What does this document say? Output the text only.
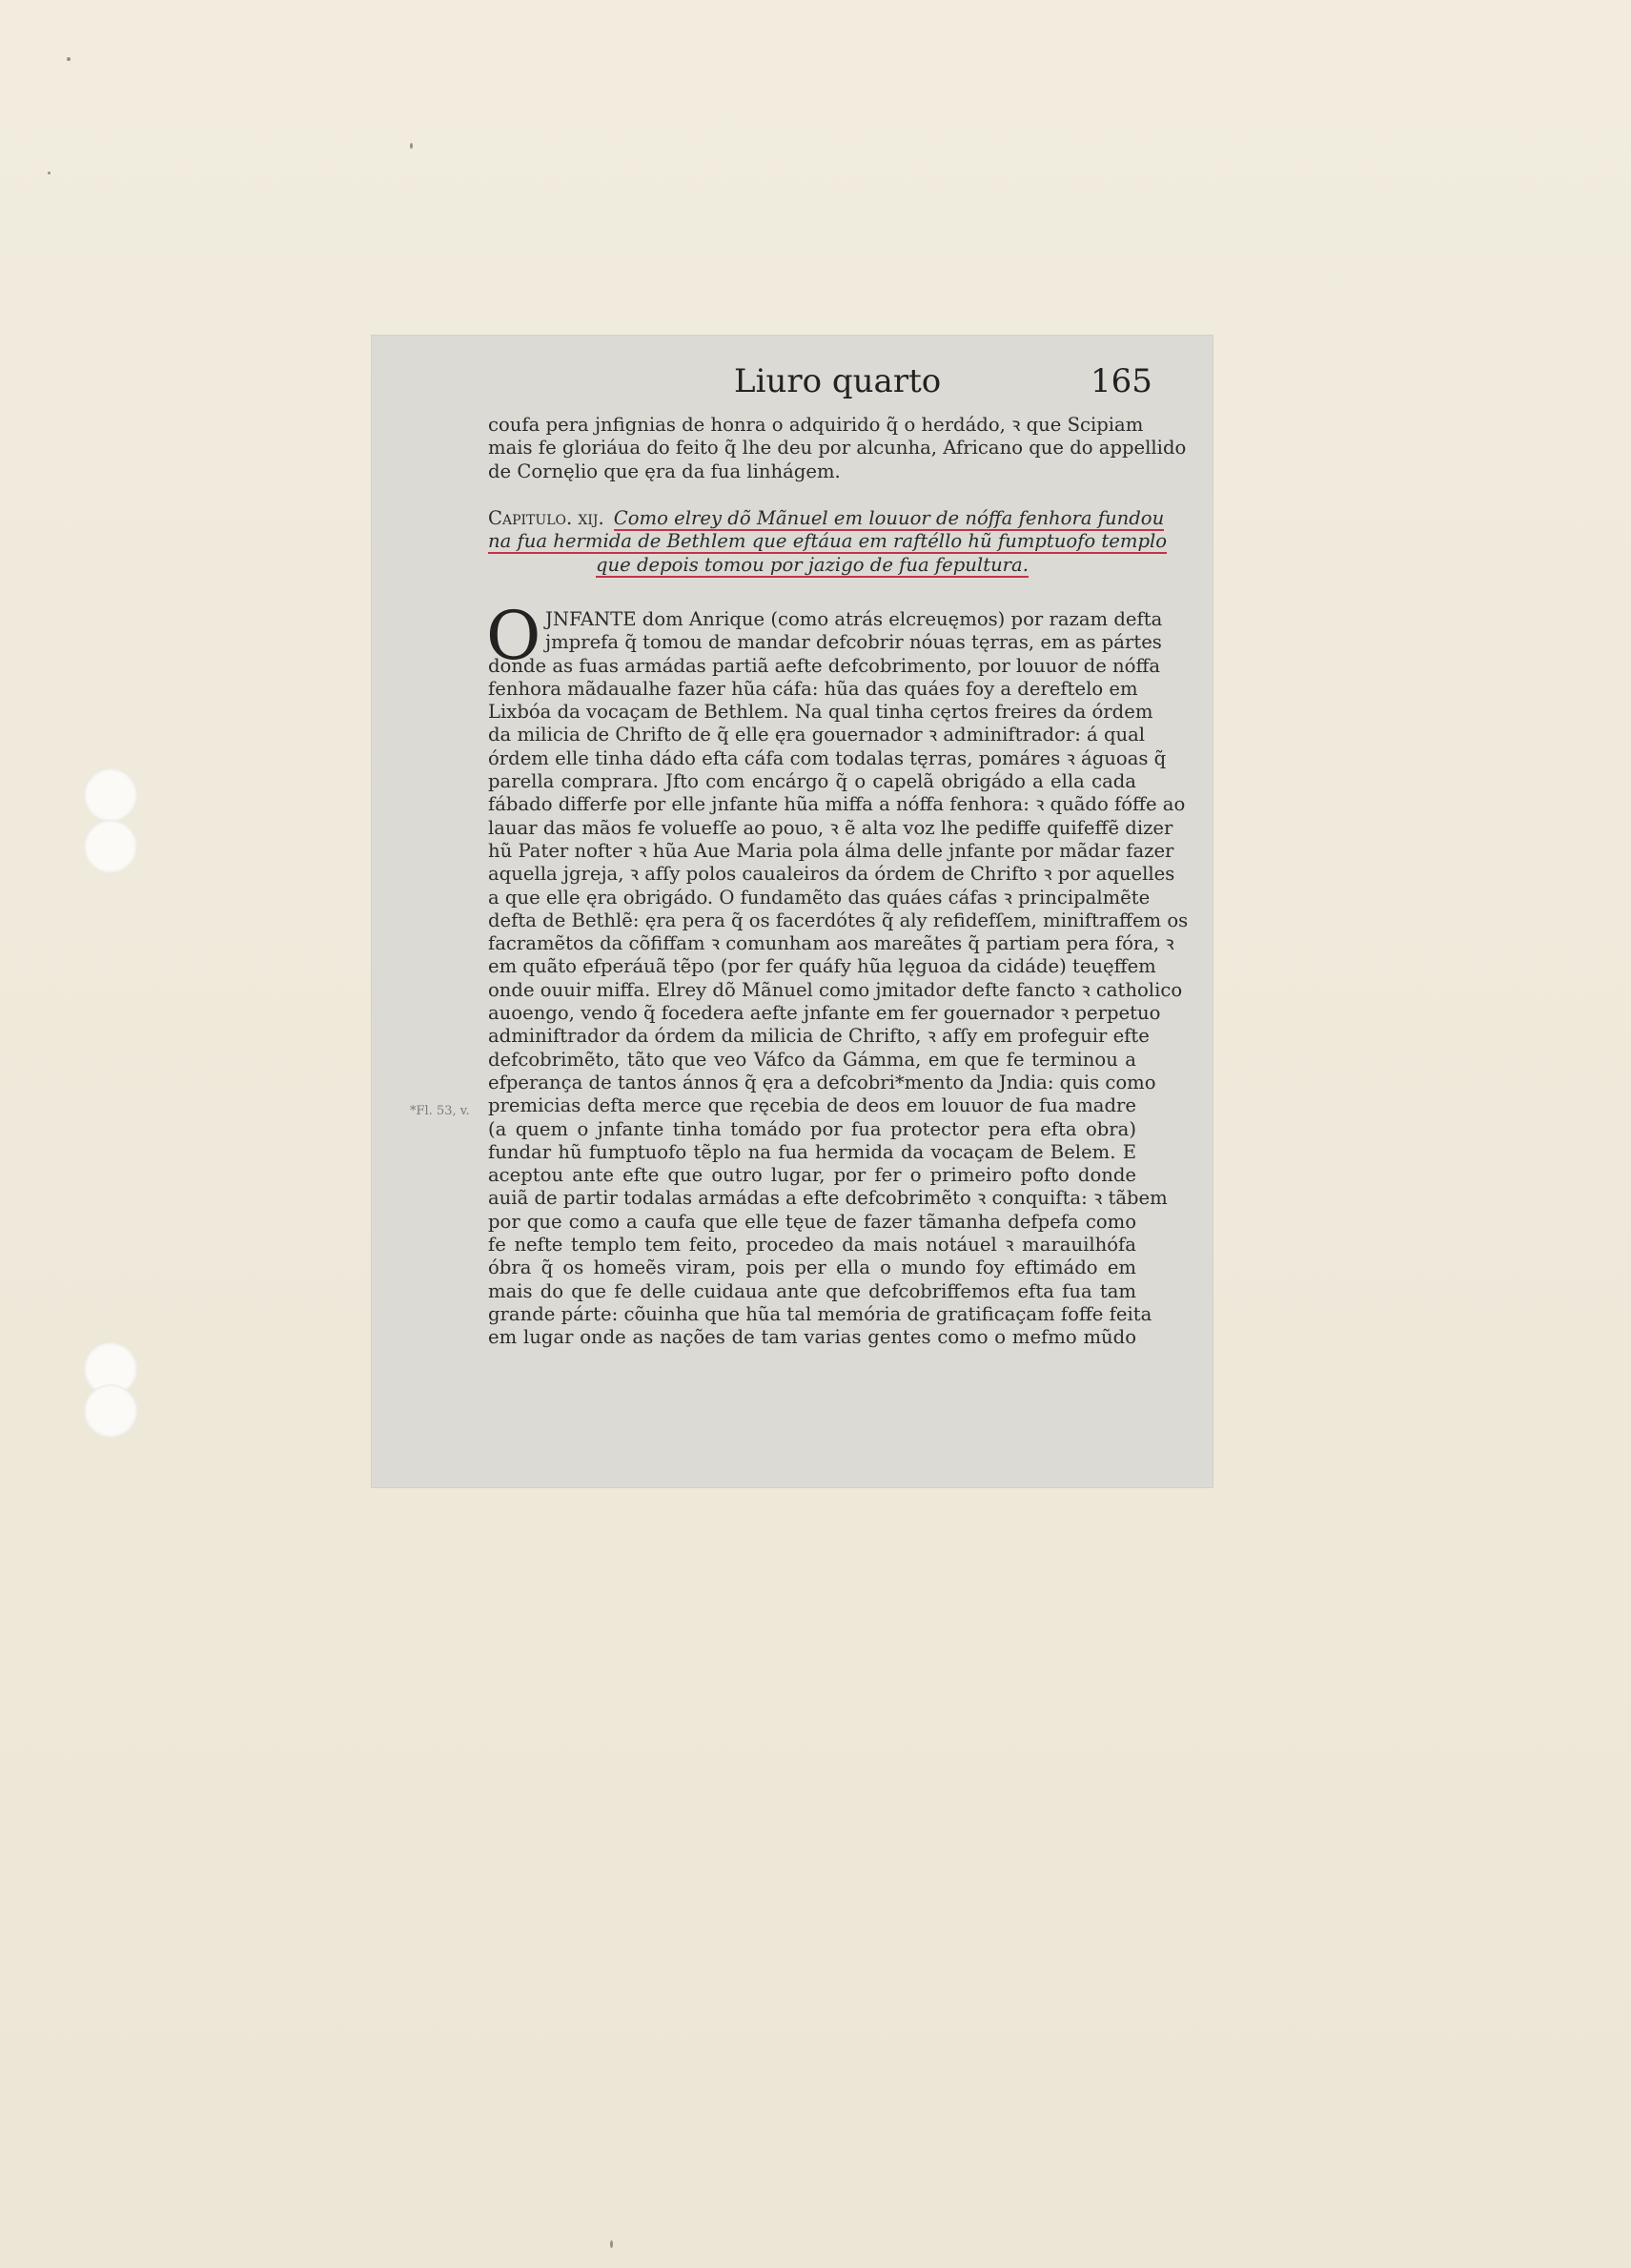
Liuro quarto	165
coufa pera jnfignias de honra o adquirido q̃ o herdádo, ꝛ que Scipiam
mais fe gloriáua do feito q̃ lhe deu por alcunha, Africano que do appellido
de Cornęlio que ęra da fua linhágem.
Capitulo. xij. Como elrey dõ Mãnuel em louuor de nóffa fenhora fundou
na fua hermida de Bethlem que eftáua em raftéllo hũ fumptuofo templo
que depois tomou por jazigo de fua fepultura.
O JNFANTE dom Anrique (como atrás elcreuęmos) por razam defta
jmprefa q̃ tomou de mandar defcobrir nóuas tęrras, em as pártes
donde as fuas armádas partiã aefte defcobrimento, por louuor de nóffa
fenhora mãdaualhe fazer hũa cáfa: hũa das quáes foy a dereftelo em
Lixbóa da vocaçam de Bethlem. Na qual tinha cęrtos freires da órdem
da milicia de Chrifto de q̃ elle ęra gouernador ꝛ adminiftrador: á qual
órdem elle tinha dádo efta cáfa com todalas tęrras, pomáres ꝛ águoas q̃
parella comprara. Jfto com encárgo q̃ o capelã obrigádo a ella cada
fábado differfe por elle jnfante hũa miffa a nóffa fenhora: ꝛ quãdo fóffe ao
lauar das mãos fe voluefſe ao pouo, ꝛ ẽ alta voz lhe pediffe quifeffẽ dizer
hũ Pater nofter ꝛ hũa Aue Maria pola álma delle jnfante por mãdar fazer
aquella jgreja, ꝛ afſy polos caualeiros da órdem de Chrifto ꝛ por aquelles
a que elle ęra obrigádo. O fundamẽto das quáes cáfas ꝛ principalmẽte
defta de Bethlẽ: ęra pera q̃ os facerdótes q̃ aly refidefſem, miniftraffem os
facramẽtos da cõfiffam ꝛ comunham aos mareãtes q̃ partiam pera fóra, ꝛ
em quãto efperáuã tẽpo (por fer quáfy hũa lęguoa da cidáde) teuęffem
onde ouuir miffa. Elrey dõ Mãnuel como jmitador defte fancto ꝛ catholico
auoengo, vendo q̃ focedera aefte jnfante em fer gouernador ꝛ perpetuo
adminiftrador da órdem da milicia de Chrifto, ꝛ afſy em profeguir efte
defcobrimẽto, tãto que veo Váfco da Gámma, em que fe terminou a
efperança de tantos ánnos q̃ ęra a defcobri*mento da Jndia: quis como
premicias defta merce que ręcebia de deos em louuor de fua madre
(a quem o jnfante tinha tomádo por fua protector pera efta obra)
fundar hũ fumptuofo tẽplo na fua hermida da vocaçam de Belem. E
aceptou ante efte que outro lugar, por fer o primeiro pofto donde
auiã de partir todalas armádas a efte defcobrimẽto ꝛ conquifta: ꝛ tãbem
por que como a caufa que elle tęue de fazer tãmanha defpefa como
fe nefte templo tem feito, procedeo da mais notáuel ꝛ marauilhófa
óbra q̃ os homeẽs viram, pois per ella o mundo foy eftimádo em
mais do que fe delle cuidaua ante que defcobriffemos efta fua tam
grande párte: cõuinha que hũa tal memória de gratificaçam foffe feita
em lugar onde as nações de tam varias gentes como o mefmo mũdo
*Fl. 53, v.
